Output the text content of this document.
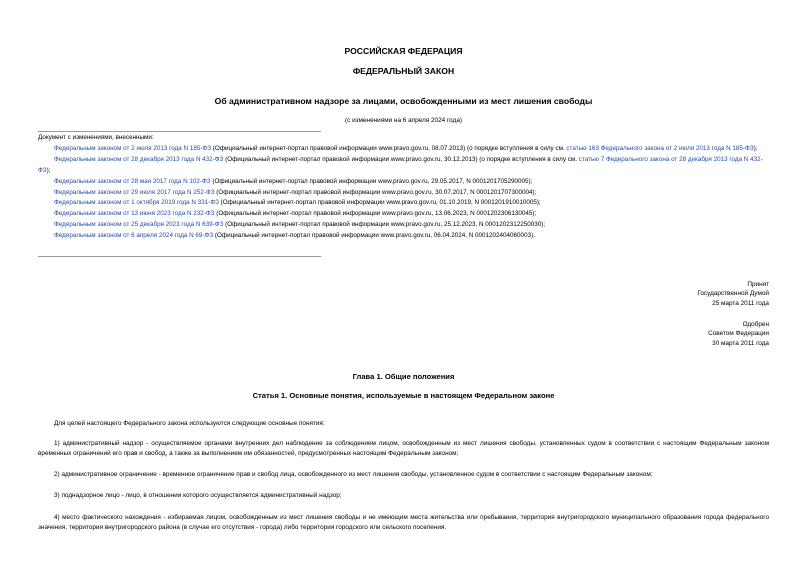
РОССИЙСКАЯ ФЕДЕРАЦИЯ
ФЕДЕРАЛЬНЫЙ ЗАКОН
Об административном надзоре за лицами, освобожденными из мест лишения свободы
(с изменениями на 6 апреля 2024 года)
Документ с изменениями, внесенными:
Федеральным законом от 2 июля 2013 года N 185-ФЗ (Официальный интернет-портал правовой информации www.pravo.gov.ru, 08.07.2013) (о порядке вступления в силу см. статью 163 Федерального закона от 2 июля 2013 года N 185-ФЗ);
Федеральным законом от 28 декабря 2013 года N 432-ФЗ (Официальный интернет-портал правовой информации www.pravo.gov.ru, 30.12.2013) (о порядке вступления в силу см. статью 7 Федерального закона от 28 декабря 2013 года N 432-ФЗ);
Федеральным законом от 28 мая 2017 года N 102-ФЗ (Официальный интернет-портал правовой информации www.pravo.gov.ru, 29.05.2017, N 0001201705290005);
Федеральным законом от 29 июля 2017 года N 252-ФЗ (Официальный интернет-портал правовой информации www.pravo.gov.ru, 30.07.2017, N 0001201707300004);
Федеральным законом от 1 октября 2019 года N 331-ФЗ (Официальный интернет-портал правовой информации www.pravo.gov.ru, 01.10.2019, N 0001201910010005);
Федеральным законом от 13 июня 2023 года N 232-ФЗ (Официальный интернет-портал правовой информации www.pravo.gov.ru, 13.06.2023, N 0001202306130045);
Федеральным законом от 25 декабря 2023 года N 639-ФЗ (Официальный интернет-портал правовой информации www.pravo.gov.ru, 25.12.2023, N 0001202312250030);
Федеральным законом от 6 апреля 2024 года N 69-ФЗ (Официальный интернет-портал правовой информации www.pravo.gov.ru, 06.04.2024, N 0001202404060003).
Принят
Государственной Думой
25 марта 2011 года
Одобрен
Советом Федерации
30 марта 2011 года
Глава 1. Общие положения
Статья 1. Основные понятия, используемые в настоящем Федеральном законе
Для целей настоящего Федерального закона используются следующие основные понятия:
1) административный надзор - осуществляемое органами внутренних дел наблюдение за соблюдением лицом, освобожденным из мест лишения свободы, установленных судом в соответствии с настоящим Федеральным законом временных ограничений его прав и свобод, а также за выполнением им обязанностей, предусмотренных настоящим Федеральным законом;
2) административное ограничение - временное ограничение прав и свобод лица, освобожденного из мест лишения свободы, установленное судом в соответствии с настоящим Федеральным законом;
3) поднадзорное лицо - лицо, в отношении которого осуществляется административный надзор;
4) место фактического нахождения - избираемая лицом, освобожденным из мест лишения свободы и не имеющим места жительства или пребывания, территория внутригородского муниципального образования города федерального значения, территория внутригородского района (в случае его отсутствия - города) либо территория городского или сельского поселения.
